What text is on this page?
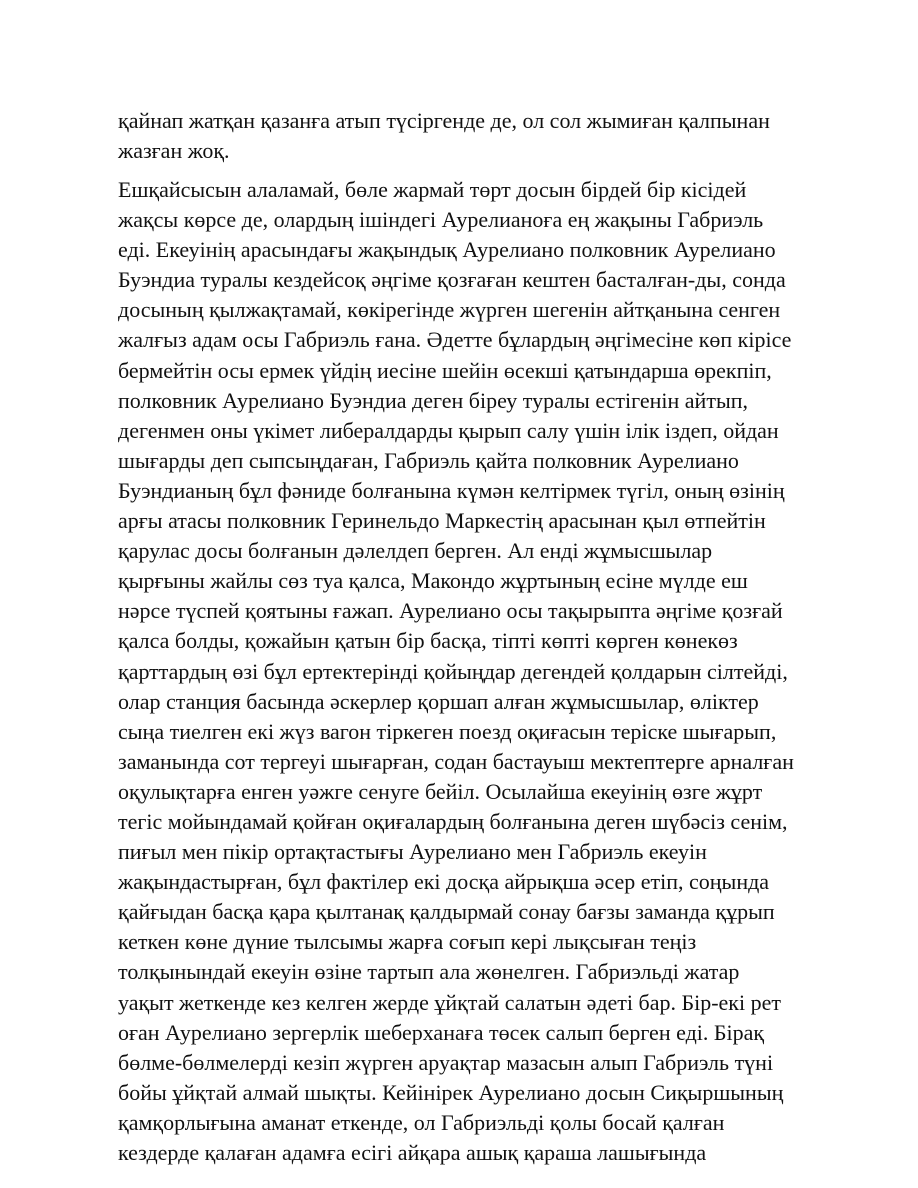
қайнап жатқан қазанға атып түсіргенде де, ол сол жымиған қалпынан
жазған жоқ.
Ешқайсысын алаламай, бөле жармай төрт досын бірдей бір кісідей
жақсы көрсе де, олардың ішіндегі Аурелианоға ең жақыны Габриэль
еді. Екеуінің арасындағы жақындық Аурелиано полковник Аурелиано
Буэндиа туралы кездейсоқ әңгіме қозғаған кештен басталған-ды, сонда
досының қылжақтамай, көкірегінде жүрген шегенін айтқанына сенген
жалғыз адам осы Габриэль ғана. Әдетте бұлардың әңгімесіне көп кірісе
бермейтін осы ермек үйдің иесіне шейін өсекші қатындарша өрекпіп,
полковник Аурелиано Буэндиа деген біреу туралы естігенін айтып,
дегенмен оны үкімет либералдарды қырып салу үшін ілік іздеп, ойдан
шығарды деп сыпсыңдаған, Габриэль қайта полковник Аурелиано
Буэндианың бұл фәниде болғанына күмән келтірмек түгіл, оның өзінің
арғы атасы полковник Геринельдо Маркестің арасынан қыл өтпейтін
қарулас досы болғанын дәлелдеп берген. Ал енді жұмысшылар
қырғыны жайлы сөз туа қалса, Макондо жұртының есіне мүлде еш
нәрсе түспей қоятыны ғажап. Аурелиано осы тақырыпта әңгіме қозғай
қалса болды, қожайын қатын бір басқа, тіпті көпті көрген көнекөз
қарттардың өзі бұл ертектерінді қойыңдар дегендей қолдарын сілтейді,
олар станция басында әскерлер қоршап алған жұмысшылар, өліктер
сыңа тиелген екі жүз вагон тіркеген поезд оқиғасын теріске шығарып,
заманында сот тергеуі шығарған, содан бастауыш мектептерге арналған
оқулықтарға енген уәжге сенуге бейіл. Осылайша екеуінің өзге жұрт
тегіс мойындамай қойған оқиғалардың болғанына деген шүбәсіз сенім,
пиғыл мен пікір ортақтастығы Аурелиано мен Габриэль екеуін
жақындастырған, бұл фактілер екі досқа айрықша әсер етіп, соңында
қайғыдан басқа қара қылтанақ қалдырмай сонау бағзы заманда құрып
кеткен көне дүние тылсымы жарға соғып кері лықсыған теңіз
толқынындай екеуін өзіне тартып ала жөнелген. Габриэльді жатар
уақыт жеткенде кез келген жерде ұйқтай салатын әдеті бар. Бір-екі рет
оған Аурелиано зергерлік шеберханаға төсек салып берген еді. Бірақ
бөлме-бөлмелерді кезіп жүрген аруақтар мазасын алып Габриэль түні
бойы ұйқтай алмай шықты. Кейінірек Аурелиано досын Сиқыршының
қамқорлығына аманат еткенде, ол Габриэльді қолы босай қалған
кездерде қалаған адамға есігі айқара ашық қараша лашығында
